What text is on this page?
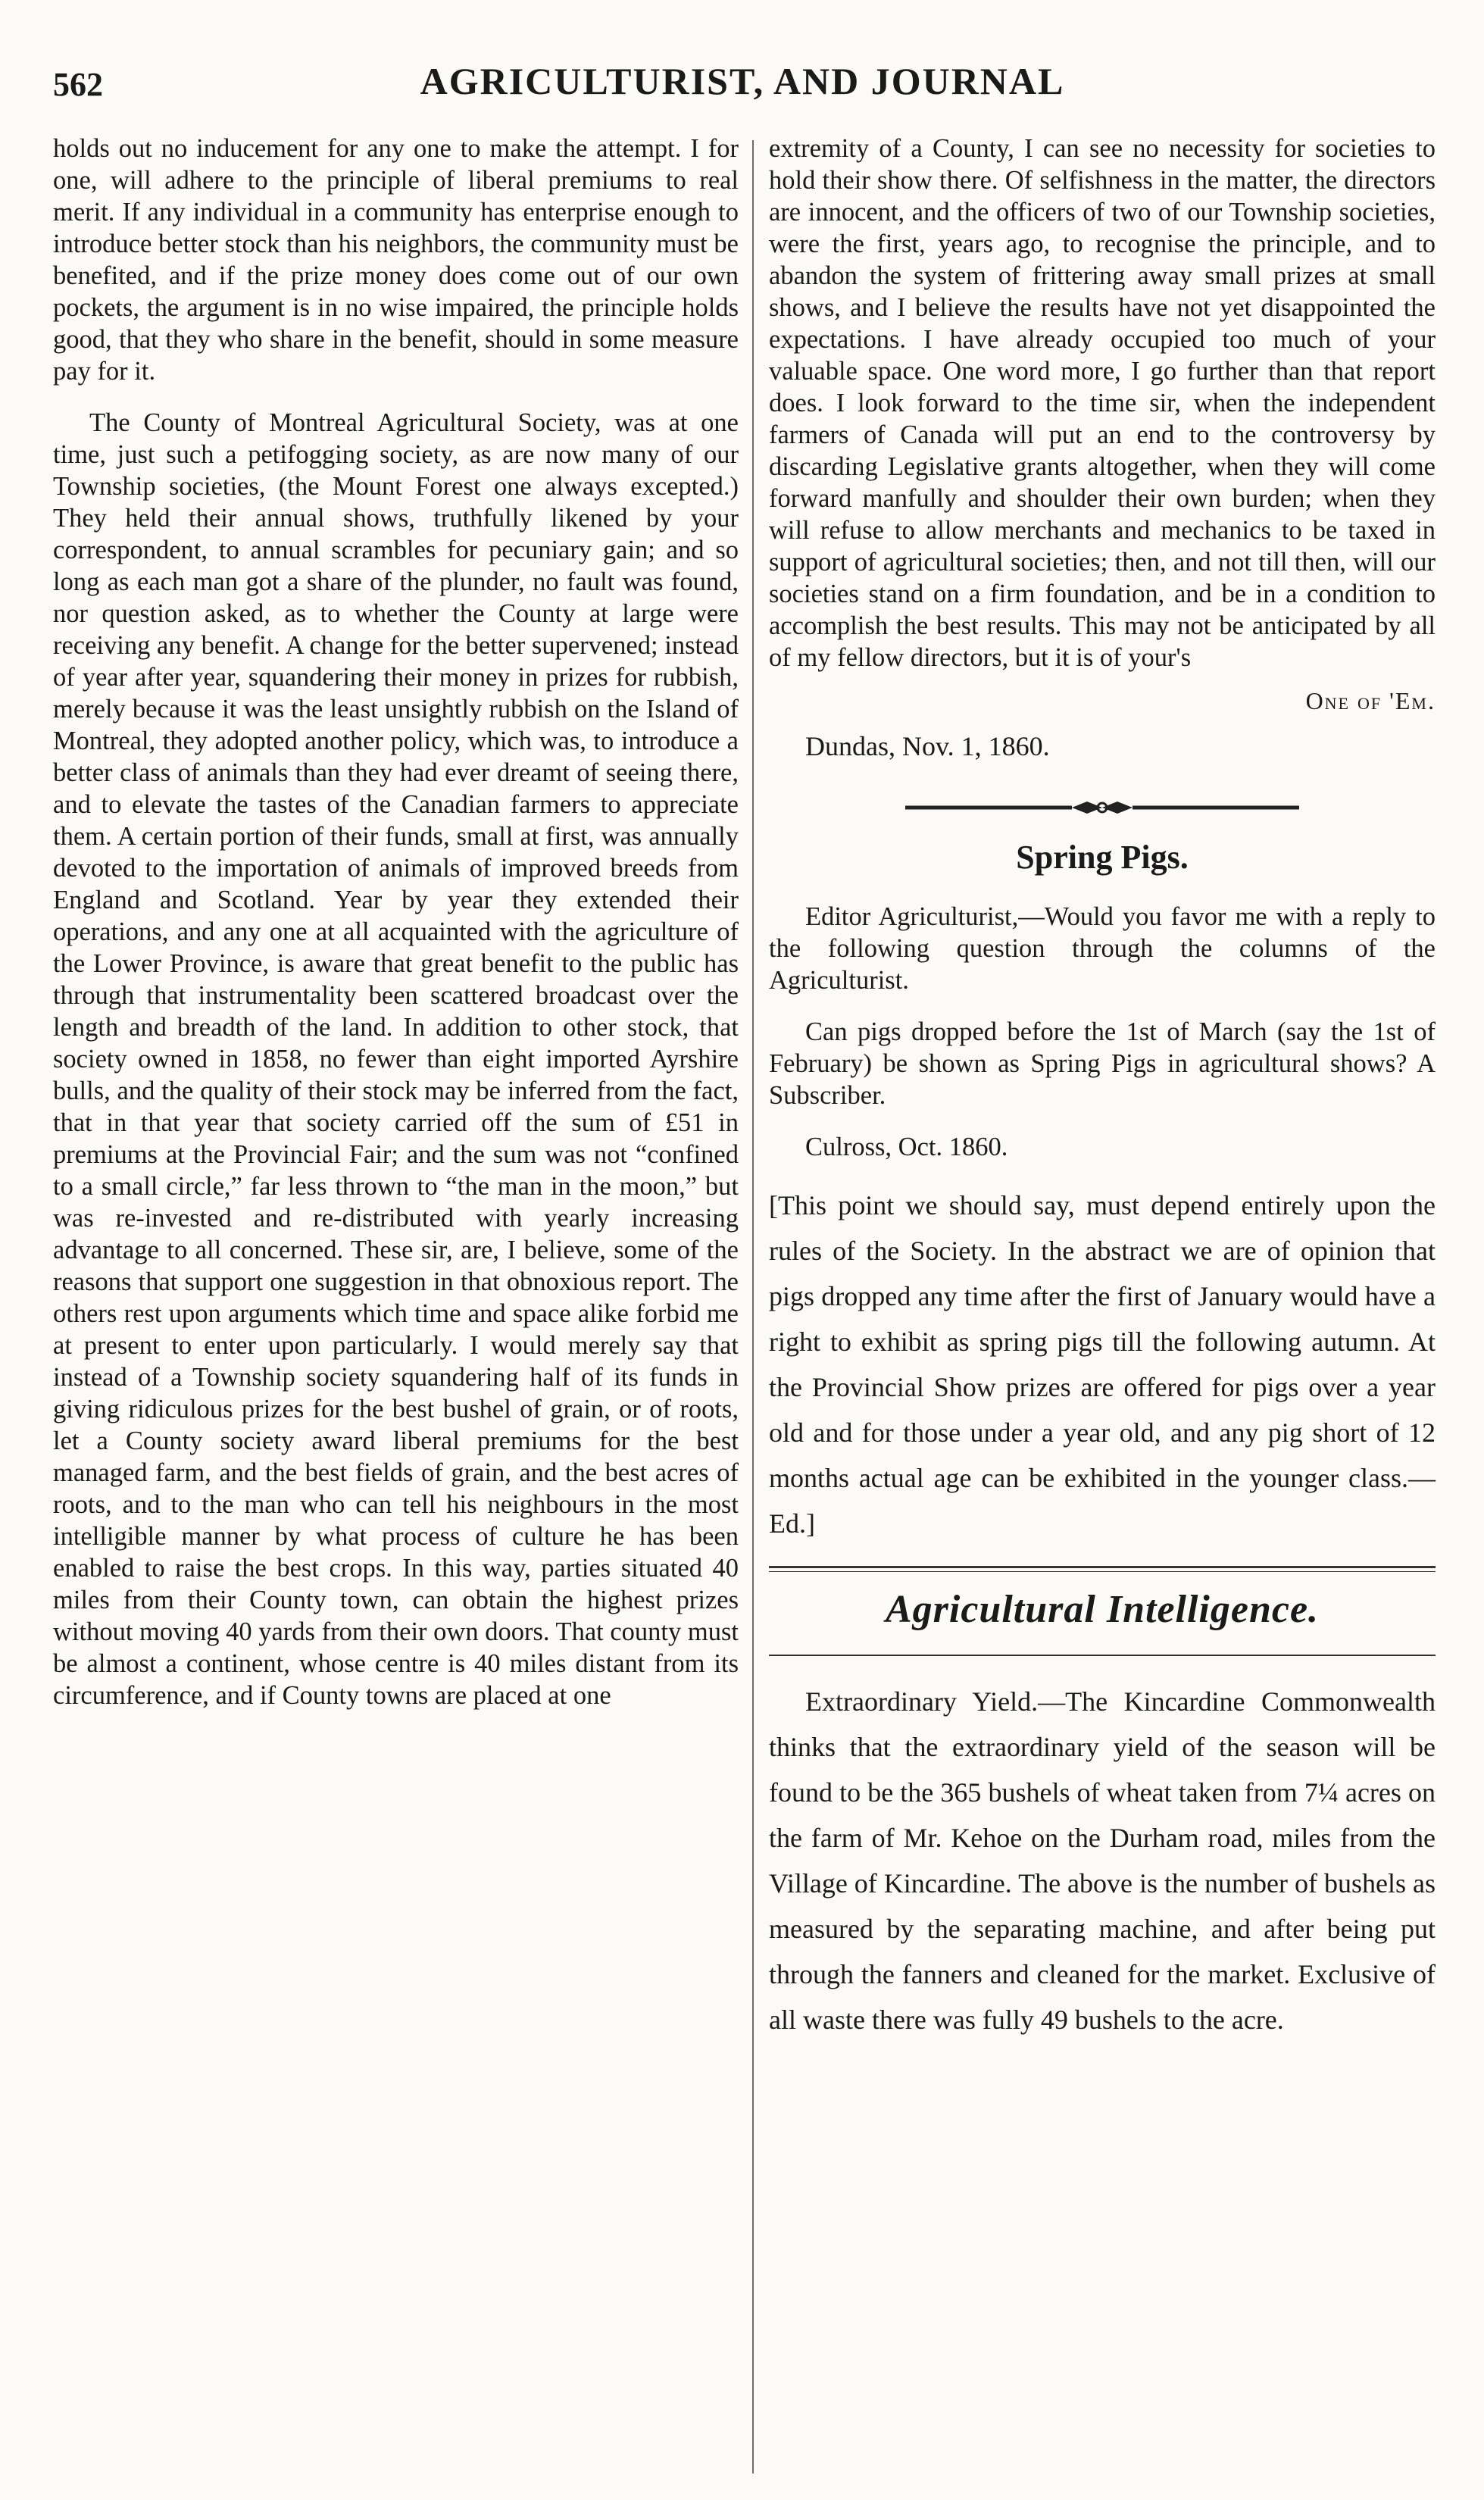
562	AGRICULTURIST, AND JOURNAL

holds out no inducement for any one to make the attempt. I for one, will adhere to the principle of liberal premiums to real merit. If any individual in a community has enterprise enough to introduce better stock than his neighbors, the community must be benefited, and if the prize money does come out of our own pockets, the argument is in no wise impaired, the principle holds good, that they who share in the benefit, should in some measure pay for it.

The County of Montreal Agricultural Society, was at one time, just such a petifogging society, as are now many of our Township societies, (the Mount Forest one always excepted.) They held their annual shows, truthfully likened by your correspondent, to annual scrambles for pecuniary gain; and so long as each man got a share of the plunder, no fault was found, nor question asked, as to whether the County at large were receiving any benefit. A change for the better supervened; instead of year after year, squandering their money in prizes for rubbish, merely because it was the least unsightly rubbish on the Island of Montreal, they adopted another policy, which was, to introduce a better class of animals than they had ever dreamt of seeing there, and to elevate the tastes of the Canadian farmers to appreciate them. A certain portion of their funds, small at first, was annually devoted to the importation of animals of improved breeds from England and Scotland. Year by year they extended their operations, and any one at all acquainted with the agriculture of the Lower Province, is aware that great benefit to the public has through that instrumentality been scattered broadcast over the length and breadth of the land. In addition to other stock, that society owned in 1858, no fewer than eight imported Ayrshire bulls, and the quality of their stock may be inferred from the fact, that in that year that society carried off the sum of £51 in premiums at the Provincial Fair; and the sum was not “confined to a small circle,” far less thrown to “the man in the moon,” but was re-invested and re-distributed with yearly increasing advantage to all concerned. These sir, are, I believe, some of the reasons that support one suggestion in that obnoxious report. The others rest upon arguments which time and space alike forbid me at present to enter upon particularly. I would merely say that instead of a Township society squandering half of its funds in giving ridiculous prizes for the best bushel of grain, or of roots, let a County society award liberal premiums for the best managed farm, and the best fields of grain, and the best acres of roots, and to the man who can tell his neighbours in the most intelligible manner by what process of culture he has been enabled to raise the best crops. In this way, parties situated 40 miles from their County town, can obtain the highest prizes without moving 40 yards from their own doors. That county must be almost a continent, whose centre is 40 miles distant from its circumference, and if County towns are placed at one

extremity of a County, I can see no necessity for societies to hold their show there. Of selfishness in the matter, the directors are innocent, and the officers of two of our Township societies, were the first, years ago, to recognise the principle, and to abandon the system of frittering away small prizes at small shows, and I believe the results have not yet disappointed the expectations. I have already occupied too much of your valuable space. One word more, I go further than that report does. I look forward to the time sir, when the independent farmers of Canada will put an end to the controversy by discarding Legislative grants altogether, when they will come forward manfully and shoulder their own burden; when they will refuse to allow merchants and mechanics to be taxed in support of agricultural societies; then, and not till then, will our societies stand on a firm foundation, and be in a condition to accomplish the best results. This may not be anticipated by all of my fellow directors, but it is of your's

One of 'Em.
Dundas, Nov. 1, 1860.
Spring Pigs.

Editor Agriculturist,—Would you favor me with a reply to the following question through the columns of the Agriculturist.

Can pigs dropped before the 1st of March (say the 1st of February) be shown as Spring Pigs in agricultural shows? A Subscriber.

Culross, Oct. 1860.

[This point we should say, must depend entirely upon the rules of the Society. In the abstract we are of opinion that pigs dropped any time after the first of January would have a right to exhibit as spring pigs till the following autumn. At the Provincial Show prizes are offered for pigs over a year old and for those under a year old, and any pig short of 12 months actual age can be exhibited in the younger class.—Ed.]

Agricultural Intelligence.

Extraordinary Yield.—The Kincardine Commonwealth thinks that the extraordinary yield of the season will be found to be the 365 bushels of wheat taken from 7¼ acres on the farm of Mr. Kehoe on the Durham road, miles from the Village of Kincardine. The above is the number of bushels as measured by the separating machine, and after being put through the fanners and cleaned for the market. Exclusive of all waste there was fully 49 bushels to the acre.
